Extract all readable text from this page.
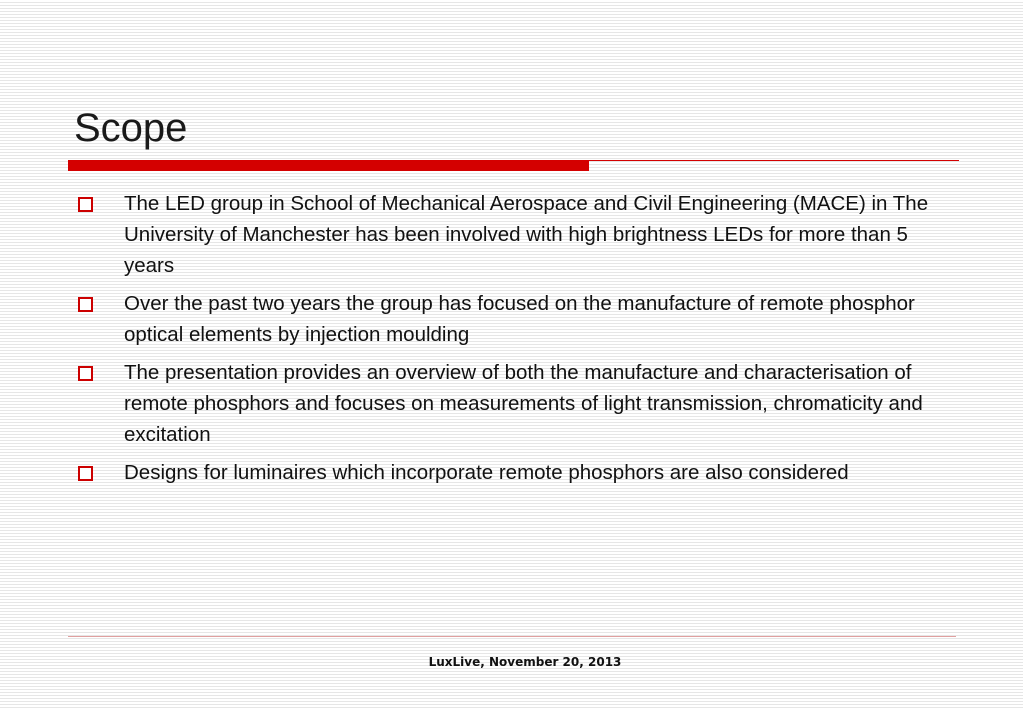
Scope
The LED group in School of Mechanical Aerospace and Civil Engineering (MACE) in The University of Manchester has been involved with high brightness LEDs for more than 5 years
Over the past two years the group has focused on the manufacture of remote phosphor optical elements by injection moulding
The presentation provides an overview of both the manufacture and characterisation of remote phosphors and focuses on measurements of light transmission, chromaticity and excitation
Designs for luminaires which incorporate remote phosphors are also considered
LuxLive, November 20, 2013
